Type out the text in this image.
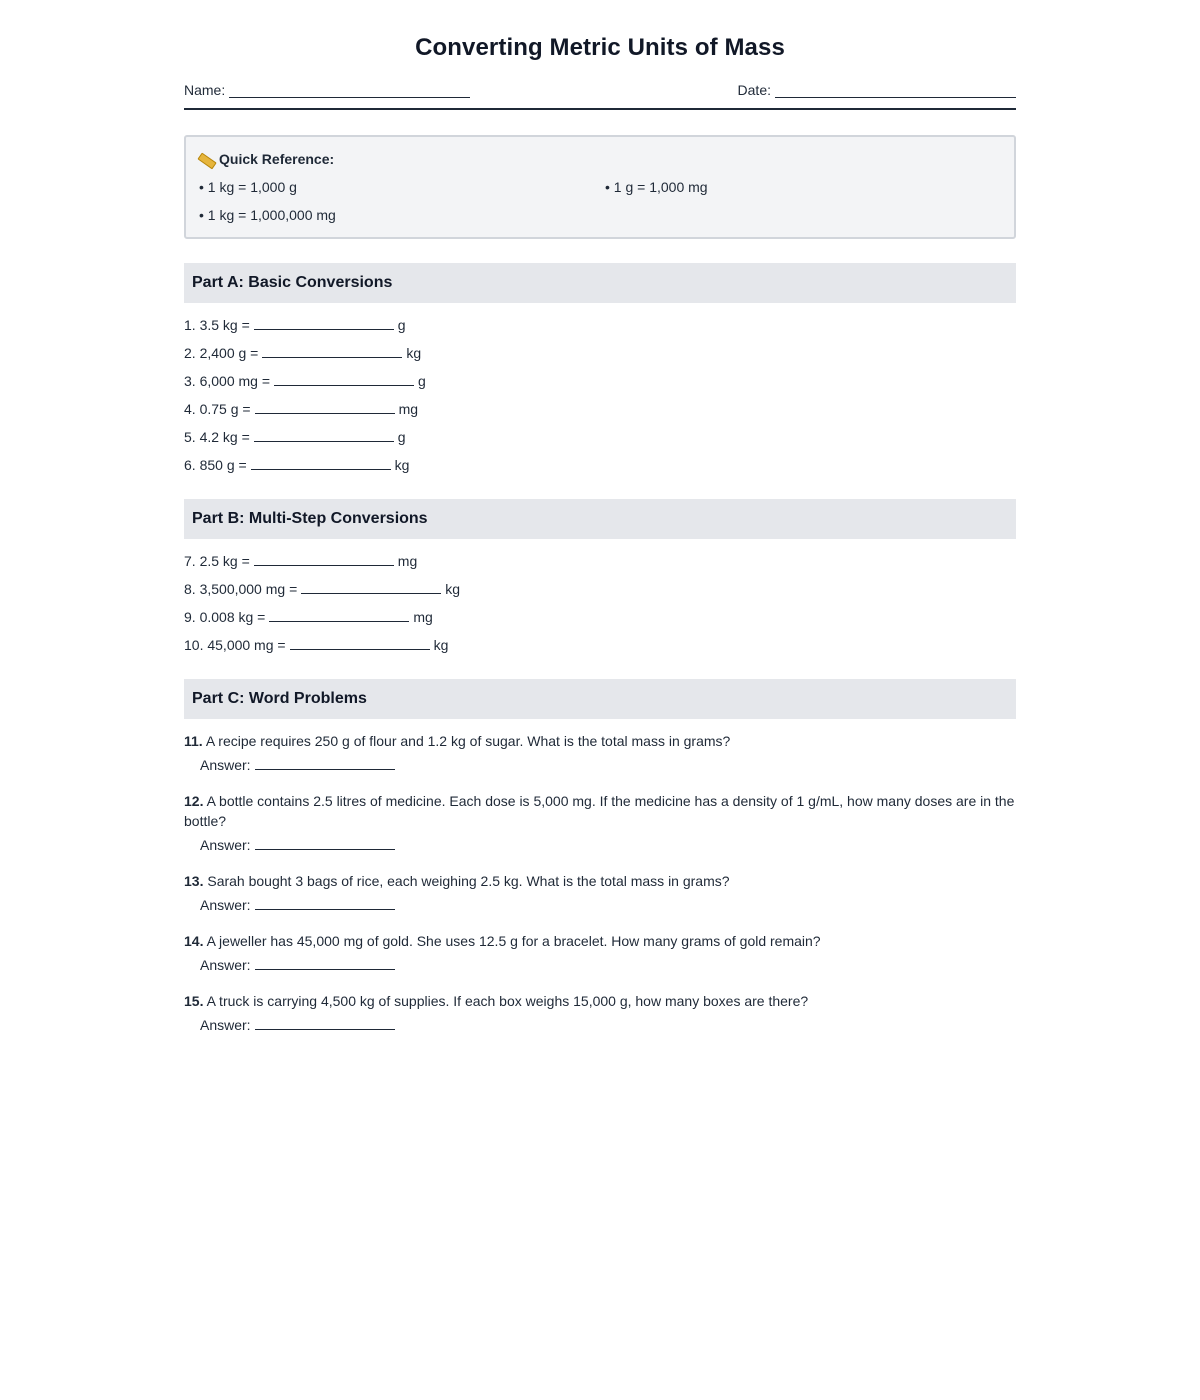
Converting Metric Units of Mass
Name:	Date:
Quick Reference:
• 1 kg = 1,000 g	• 1 g = 1,000 mg
• 1 kg = 1,000,000 mg
Part A: Basic Conversions
1. 3.5 kg =	g
2. 2,400 g =	kg
3. 6,000 mg =	g
4. 0.75 g =	mg
5. 4.2 kg =	g
6. 850 g =	kg
Part B: Multi-Step Conversions
7. 2.5 kg =	mg
8. 3,500,000 mg =	kg
9. 0.008 kg =	mg
10. 45,000 mg =	kg
Part C: Word Problems
11. A recipe requires 250 g of flour and 1.2 kg of sugar. What is the total mass in grams?
Answer:
12. A bottle contains 2.5 litres of medicine. Each dose is 5,000 mg. If the medicine has a density of 1 g/mL, how many doses are in the bottle?
Answer:
13. Sarah bought 3 bags of rice, each weighing 2.5 kg. What is the total mass in grams?
Answer:
14. A jeweller has 45,000 mg of gold. She uses 12.5 g for a bracelet. How many grams of gold remain?
Answer:
15. A truck is carrying 4,500 kg of supplies. If each box weighs 15,000 g, how many boxes are there?
Answer:
